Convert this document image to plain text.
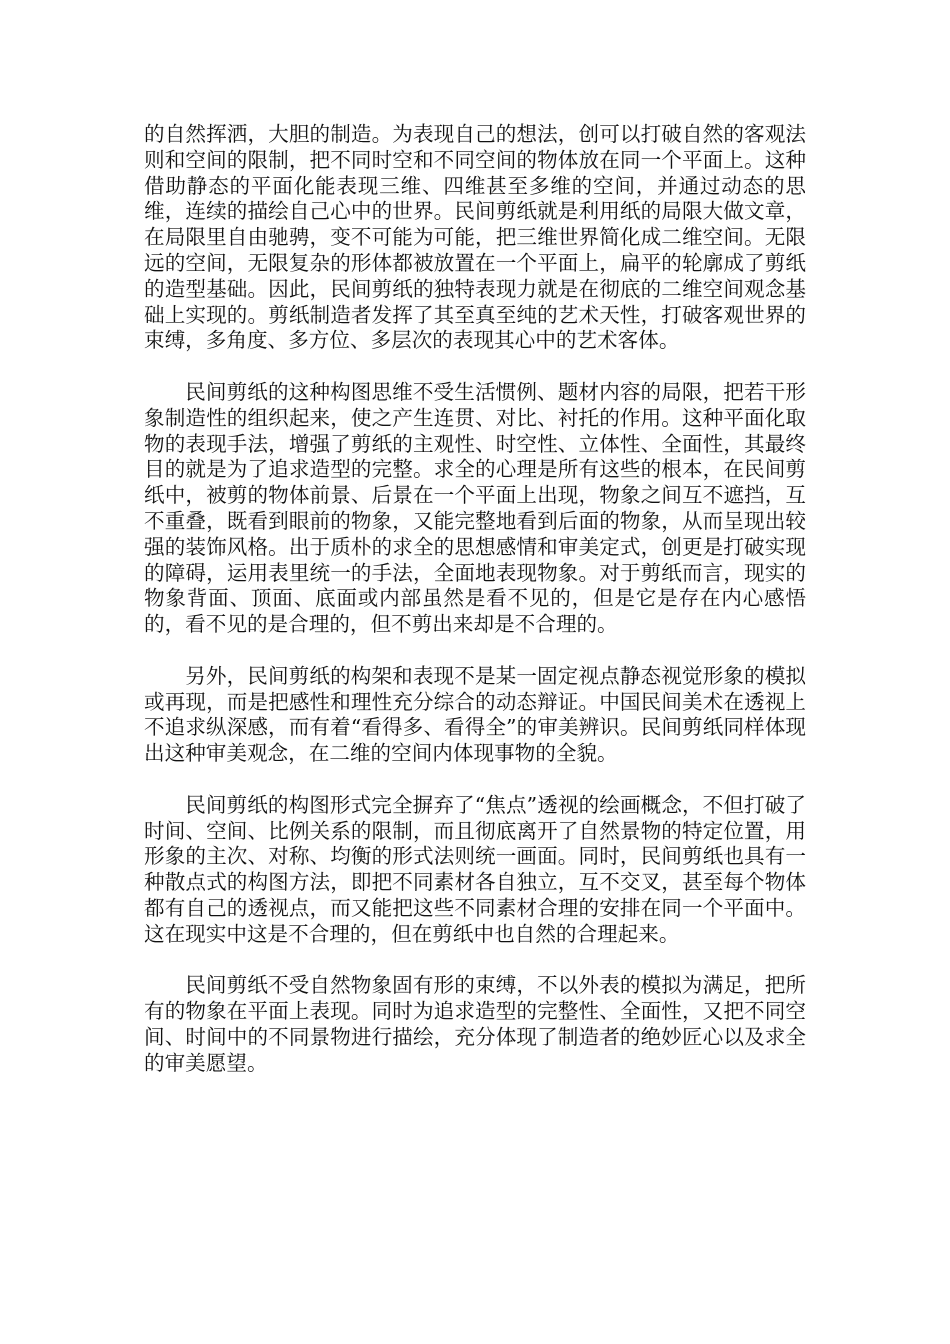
的自然挥洒，大胆的制造。为表现自己的想法，创可以打破自然的客观法则和空间的限制，把不同时空和不同空间的物体放在同一个平面上。这种借助静态的平面化能表现三维、四维甚至多维的空间，并通过动态的思维，连续的描绘自己心中的世界。民间剪纸就是利用纸的局限大做文章，在局限里自由驰骋，变不可能为可能，把三维世界简化成二维空间。无限远的空间，无限复杂的形体都被放置在一个平面上，扁平的轮廓成了剪纸的造型基础。因此，民间剪纸的独特表现力就是在彻底的二维空间观念基础上实现的。剪纸制造者发挥了其至真至纯的艺术天性，打破客观世界的束缚，多角度、多方位、多层次的表现其心中的艺术客体。

民间剪纸的这种构图思维不受生活惯例、题材内容的局限，把若干形象制造性的组织起来，使之产生连贯、对比、衬托的作用。这种平面化取物的表现手法，增强了剪纸的主观性、时空性、立体性、全面性，其最终目的就是为了追求造型的完整。求全的心理是所有这些的根本，在民间剪纸中，被剪的物体前景、后景在一个平面上出现，物象之间互不遮挡，互不重叠，既看到眼前的物象，又能完整地看到后面的物象，从而呈现出较强的装饰风格。出于质朴的求全的思想感情和审美定式，创更是打破实现的障碍，运用表里统一的手法，全面地表现物象。对于剪纸而言，现实的物象背面、顶面、底面或内部虽然是看不见的，但是它是存在内心感悟的，看不见的是合理的，但不剪出来却是不合理的。

另外，民间剪纸的构架和表现不是某一固定视点静态视觉形象的模拟或再现，而是把感性和理性充分综合的动态辩证。中国民间美术在透视上不追求纵深感，而有着“看得多、看得全”的审美辨识。民间剪纸同样体现出这种审美观念，在二维的空间内体现事物的全貌。

民间剪纸的构图形式完全摒弃了“焦点”透视的绘画概念，不但打破了时间、空间、比例关系的限制，而且彻底离开了自然景物的特定位置，用形象的主次、对称、均衡的形式法则统一画面。同时，民间剪纸也具有一种散点式的构图方法，即把不同素材各自独立，互不交叉，甚至每个物体都有自己的透视点，而又能把这些不同素材合理的安排在同一个平面中。这在现实中这是不合理的，但在剪纸中也自然的合理起来。

民间剪纸不受自然物象固有形的束缚，不以外表的模拟为满足，把所有的物象在平面上表现。同时为追求造型的完整性、全面性，又把不同空间、时间中的不同景物进行描绘，充分体现了制造者的绝妙匠心以及求全的审美愿望。
